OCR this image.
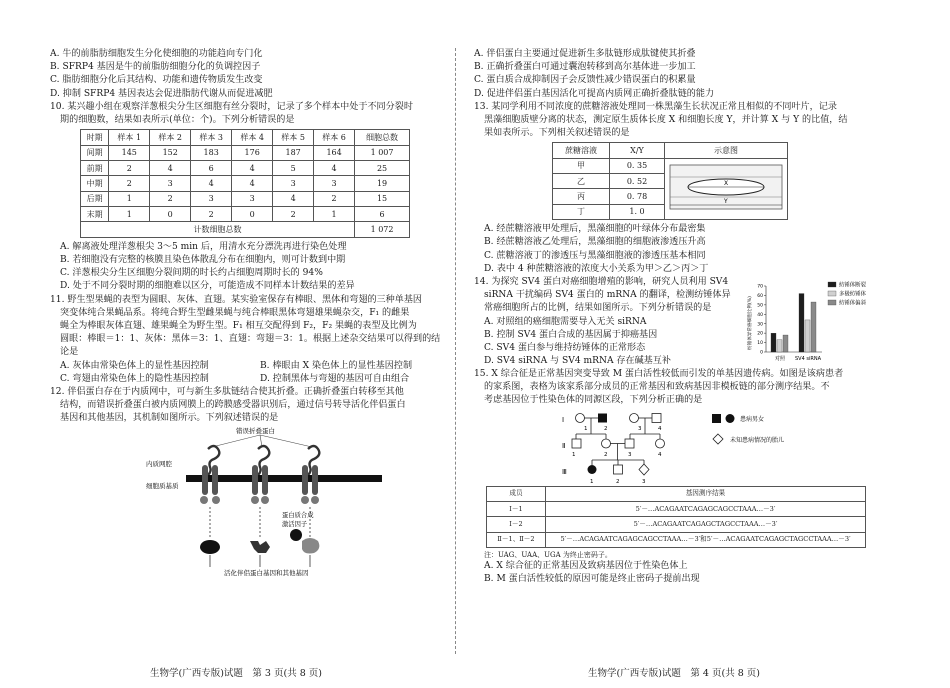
A. 牛的前脂肪细胞发生分化使细胞的功能趋向专门化
B. SFRP4 基因是牛的前脂肪细胞分化的负调控因子
C. 脂肪细胞分化后其结构、功能和遗传物质发生改变
D. 抑制 SFRP4 基因表达会促进脂肪代谢从而促进减肥
10. 某兴趣小组在观察洋葱根尖分生区细胞有丝分裂时，记录了多个样本中处于不同分裂时
期的细胞数，结果如表所示(单位：个)。下列分析错误的是
时期	样本 1	样本 2	样本 3	样本 4	样本 5	样本 6	细胞总数
间期	145	152	183	176	187	164	1 007
前期	2	4	6	4	5	4	25
中期	2	3	4	4	3	3	19
后期	1	2	3	3	4	2	15
末期	1	0	2	0	2	1	6
计数细胞总数							1 072
A. 解离液处理洋葱根尖 3～5 min 后，用清水充分漂洗再进行染色处理
B. 若细胞没有完整的核膜且染色体散乱分布在细胞内，则可计数到中期
C. 洋葱根尖分生区细胞分裂间期的时长约占细胞周期时长的 94%
D. 处于不同分裂时期的细胞难以区分，可能造成不同样本计数结果的差异
11. 野生型果蝇的表型为圆眼、灰体、直翅。某实验室保存有棒眼、黑体和弯翅的三种单基因
突变体纯合果蝇品系。将纯合野生型雌果蝇与纯合棒眼黑体弯翅雄果蝇杂交，F₁ 的雌果
蝇全为棒眼灰体直翅、雄果蝇全为野生型。F₁ 相互交配得到 F₂，F₂ 果蝇的表型及比例为
圆眼：棒眼＝1：1、灰体：黑体＝3：1、直翅：弯翅＝3：1。根据上述杂交结果可以得到的结
论是
A. 灰体由常染色体上的显性基因控制	B. 棒眼由 X 染色体上的显性基因控制
C. 弯翅由常染色体上的隐性基因控制	D. 控制黑体与弯翅的基因可自由组合
12. 伴侣蛋白存在于内质网中，可与新生多肽链结合使其折叠。正确折叠蛋白转移至其他
结构，而错误折叠蛋白被内质网膜上的跨膜感受器识别后，通过信号转导活化伴侣蛋白
基因和其他基因，其机制如图所示。下列叙述错误的是
错误折叠蛋白
内质网腔
细胞质基质
蛋白质合成
激活因子
活化伴侣蛋白基因和其他基因
A. 伴侣蛋白主要通过促进新生多肽链形成肽键使其折叠
B. 正确折叠蛋白可通过囊泡转移到高尔基体进一步加工
C. 蛋白质合成抑制因子会反馈性减少错误蛋白的积累量
D. 促进伴侣蛋白基因活化可提高内质网正确折叠肽链的能力
13. 某同学利用不同浓度的蔗糖溶液处理同一株黑藻生长状况正常且相似的不同叶片，记录
黑藻细胞质壁分离的状态，测定原生质体长度 X 和细胞长度 Y，并计算 X 与 Y 的比值，结
果如表所示。下列相关叙述错误的是
蔗糖溶液	X/Y	示意图
甲	0. 35	X
Y

乙	0. 52	
丙	0. 78	
丁	1. 0	
A. 经蔗糖溶液甲处理后，黑藻细胞的叶绿体分布最密集
B. 经蔗糖溶液乙处理后，黑藻细胞的细胞液渗透压升高
C. 蔗糖溶液丁的渗透压与黑藻细胞液的渗透压基本相同
D. 表中 4 种蔗糖溶液的浓度大小关系为甲＞乙＞丙＞丁
14. 为探究 SV4 蛋白对癌细胞增殖的影响，研究人员利用 SV4
siRNA 干扰编码 SV4 蛋白的 mRNA 的翻译，检测纺锤体异
常癌细胞所占的比例，结果如图所示。下列分析错误的是
A. 对照组的癌细胞需要导入无关 siRNA
B. 控制 SV4 蛋白合成的基因属于抑癌基因
C. SV4 蛋白参与维持纺锤体的正常形态
D. SV4 siRNA 与 SV4 mRNA 存在碱基互补
纺锤体异常癌细胞比例(%)
0
10
20
30
40
50
60
70
对照 SV4 siRNA
纺锤体断裂
多极纺锤体
纺锤体偏斜
15. X 综合征是正常基因突变导致 M 蛋白活性较低而引发的单基因遗传病。如图是该病患者
的家系图，表格为该家系部分成员的正常基因和致病基因非模板链的部分测序结果。不
考虑基因位于性染色体的同源区段，下列分析正确的是
Ⅰ
Ⅱ
Ⅲ
1	2	3	4
1	2	3	4
1	2	3
患病男女
未知患病情况的胎儿
成员	基因测序结果
Ⅰ－1	5′－…ACAGAATCAGAGCAGCCTAAA…－3′
Ⅰ－2	5′－…ACAGAATCAGAGCTAGCCTAAA…－3′
Ⅱ－1、Ⅱ－2	5′－…ACAGAATCAGAGCAGCCTAAA…－3′和5′－…ACAGAATCAGAGCTAGCCTAAA…－3′
注：UAG、UAA、UGA 为终止密码子。
A. X 综合征的正常基因及致病基因位于性染色体上
B. M 蛋白活性较低的原因可能是终止密码子提前出现
生物学(广西专版)试题　第 3 页(共 8 页)	生物学(广西专版)试题　第 4 页(共 8 页)
